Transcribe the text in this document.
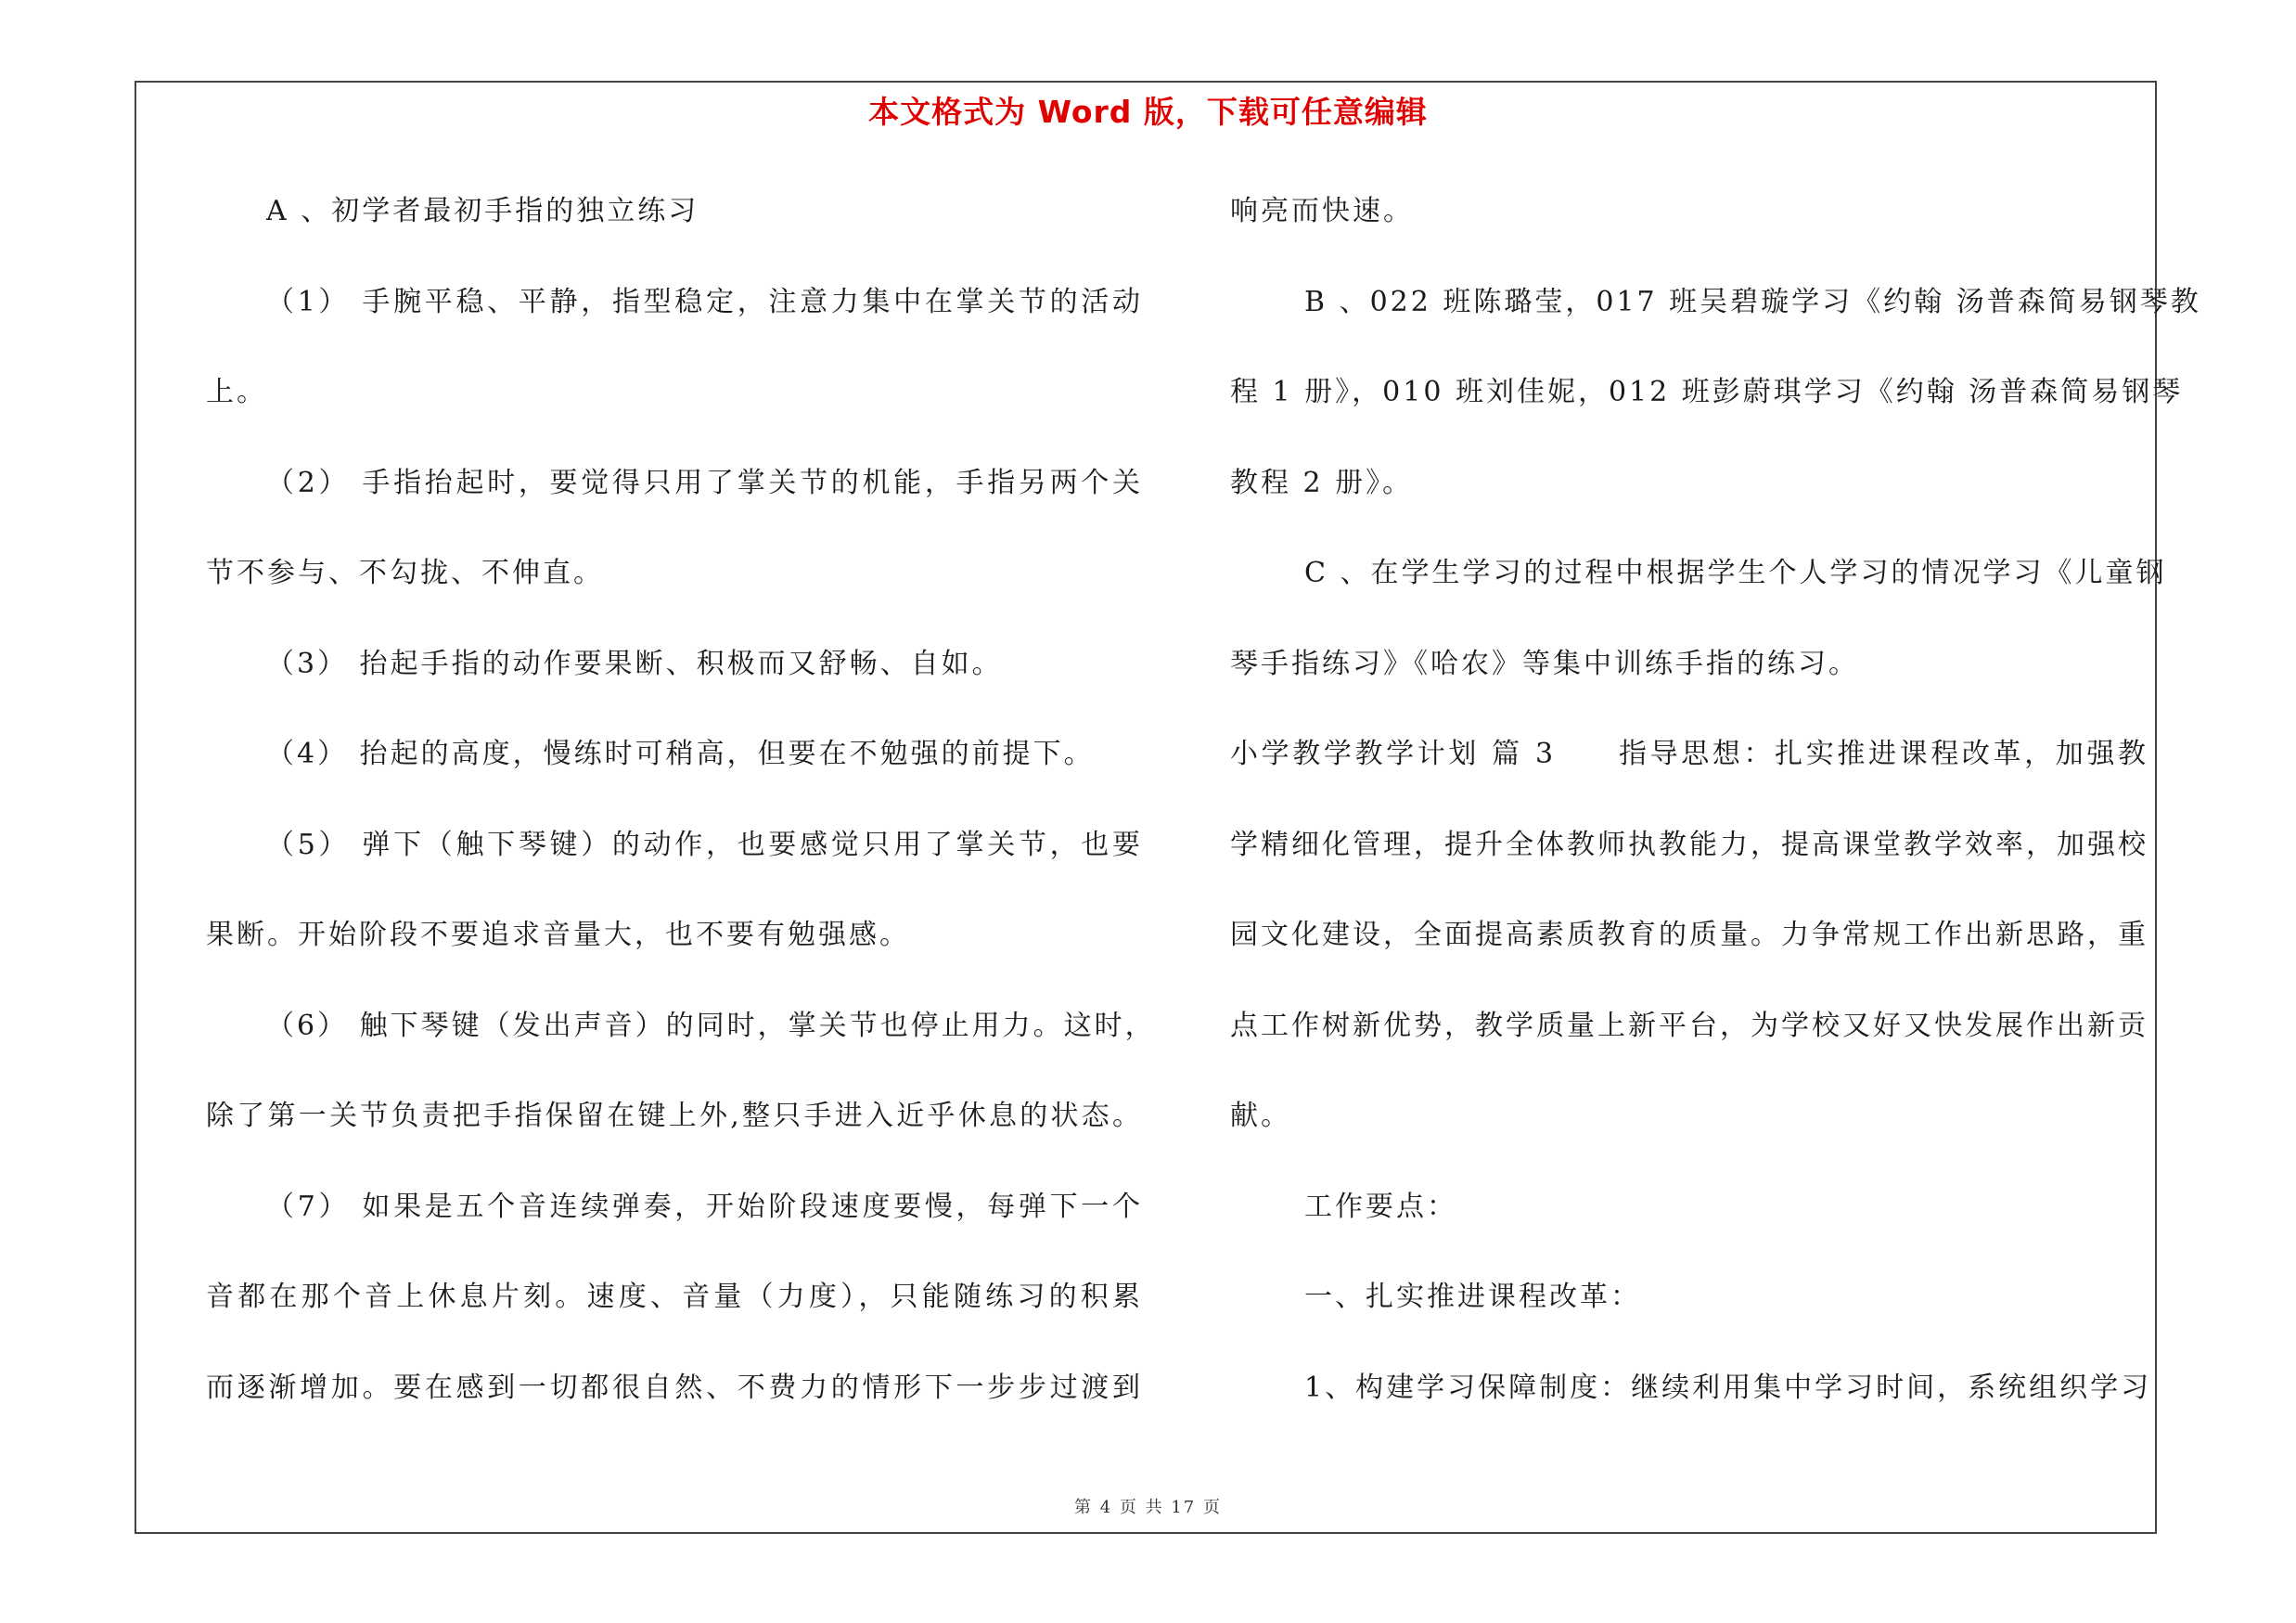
本文格式为 Word 版，下载可任意编辑
A 、初学者最初手指的独立练习
（1） 手腕平稳、平静，指型稳定，注意力集中在掌关节的活动
上。
（2） 手指抬起时，要觉得只用了掌关节的机能，手指另两个关
节不参与、不勾拢、不伸直。
（3） 抬起手指的动作要果断、积极而又舒畅、自如。
（4） 抬起的高度，慢练时可稍高，但要在不勉强的前提下。
（5） 弹下（触下琴键）的动作，也要感觉只用了掌关节，也要
果断。开始阶段不要追求音量大，也不要有勉强感。
（6） 触下琴键（发出声音）的同时，掌关节也停止用力。这时，
除了第一关节负责把手指保留在键上外,整只手进入近乎休息的状态。
（7） 如果是五个音连续弹奏，开始阶段速度要慢，每弹下一个
音都在那个音上休息片刻。速度、音量（力度），只能随练习的积累
而逐渐增加。要在感到一切都很自然、不费力的情形下一步步过渡到
响亮而快速。
B 、022 班陈璐莹，017 班吴碧璇学习《约翰 汤普森简易钢琴教
程 1 册》，010 班刘佳妮，012 班彭蔚琪学习《约翰 汤普森简易钢琴
教程 2 册》。
C 、在学生学习的过程中根据学生个人学习的情况学习《儿童钢
琴手指练习》《哈农》等集中训练手指的练习。
小学教学教学计划 篇 3　　指导思想：扎实推进课程改革，加强教
学精细化管理，提升全体教师执教能力，提高课堂教学效率，加强校
园文化建设，全面提高素质教育的质量。力争常规工作出新思路，重
点工作树新优势，教学质量上新平台，为学校又好又快发展作出新贡
献。
工作要点：
一、扎实推进课程改革：
1、构建学习保障制度：继续利用集中学习时间，系统组织学习
第 4 页 共 17 页
